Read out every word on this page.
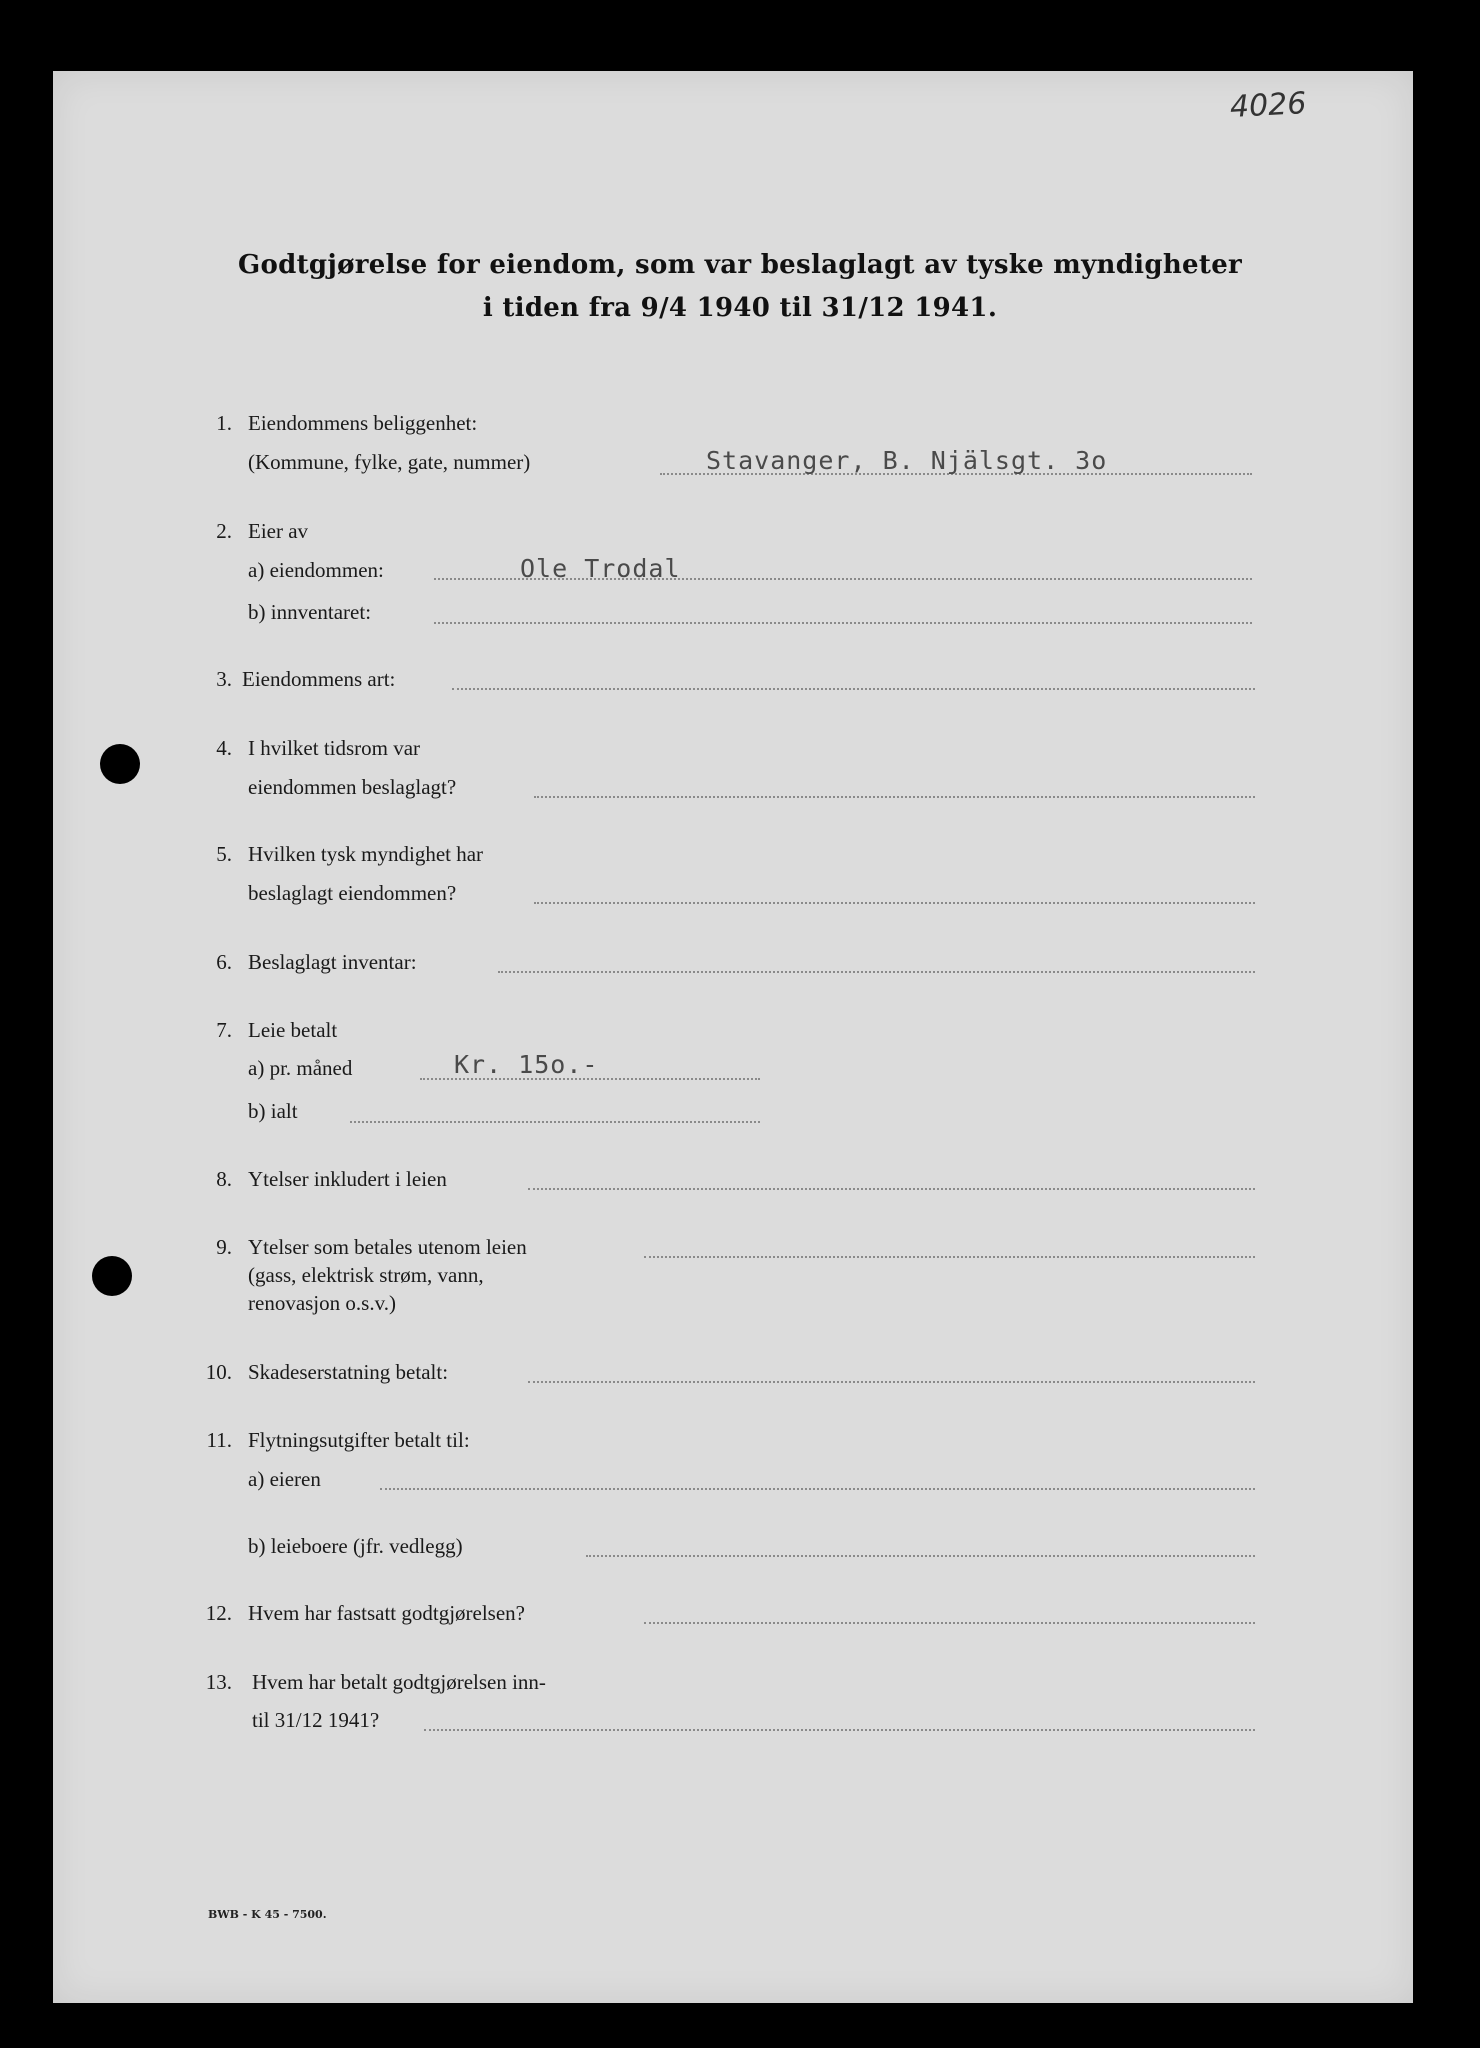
4026
Godtgjørelse for eiendom, som var beslaglagt av tyske myndigheter
i tiden fra 9/4 1940 til 31/12 1941.
1. Eiendommens beliggenhet:
(Kommune, fylke, gate, nummer)	Stavanger, B. Njälsgt. 3o
2. Eier av
a) eiendommen:	Ole Trodal
b) innventaret:
3. Eiendommens art:
4. I hvilket tidsrom var
eiendommen beslaglagt?
5. Hvilken tysk myndighet har
beslaglagt eiendommen?
6. Beslaglagt inventar:
7. Leie betalt
a) pr. måned	Kr. 15o.-
b) ialt
8. Ytelser inkludert i leien
9. Ytelser som betales utenom leien
(gass, elektrisk strøm, vann,
renovasjon o.s.v.)
10. Skadeserstatning betalt:
11. Flytningsutgifter betalt til:
a) eieren
b) leieboere (jfr. vedlegg)
12. Hvem har fastsatt godtgjørelsen?
13. Hvem har betalt godtgjørelsen inn-
til 31/12 1941?
BWB - K 45 - 7500.
